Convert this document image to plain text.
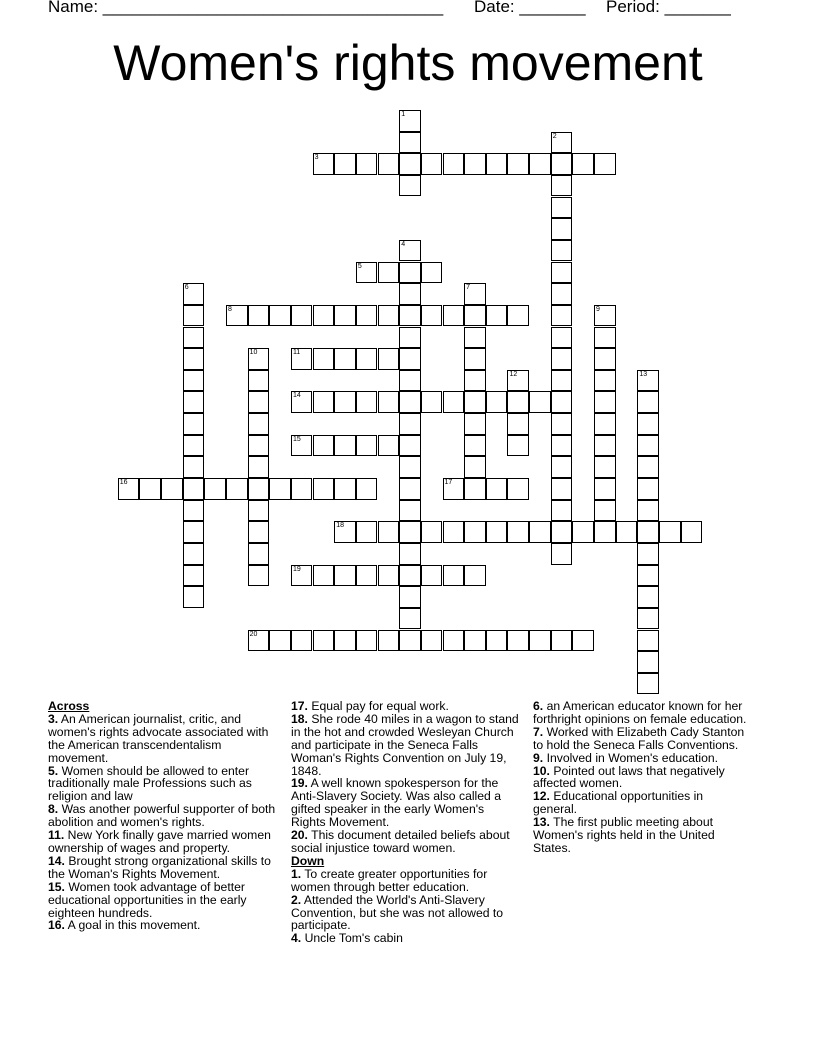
Name: ____________________________________ Date: _______ Period: _______
Women's rights movement
1
2
3
4
5
6	7
8	9
10	11
12	13
14
15
16	17
18
19
20

Across

3. An American journalist, critic, and women's rights advocate associated with the American transcendentalism movement.

5. Women should be allowed to enter traditionally male Professions such as religion and law

8. Was another powerful supporter of both abolition and women's rights.

11. New York finally gave married women ownership of wages and property.

14. Brought strong organizational skills to the Woman's Rights Movement.

15. Women took advantage of better educational opportunities in the early eighteen hundreds.

16. A goal in this movement.

17. Equal pay for equal work.

18. She rode 40 miles in a wagon to stand in the hot and crowded Wesleyan Church and participate in the Seneca Falls Woman's Rights Convention on July 19, 1848.

19. A well known spokesperson for the Anti-Slavery Society. Was also called a gifted speaker in the early Women's Rights Movement.

20. This document detailed beliefs about social injustice toward women.

Down

1. To create greater opportunities for women through better education.

2. Attended the World's Anti-Slavery Convention, but she was not allowed to participate.

4. Uncle Tom's cabin

6. an American educator known for her forthright opinions on female education.

7. Worked with Elizabeth Cady Stanton to hold the Seneca Falls Conventions.

9. Involved in Women's education.

10. Pointed out laws that negatively affected women.

12. Educational opportunities in general.

13. The first public meeting about Women's rights held in the United States.
